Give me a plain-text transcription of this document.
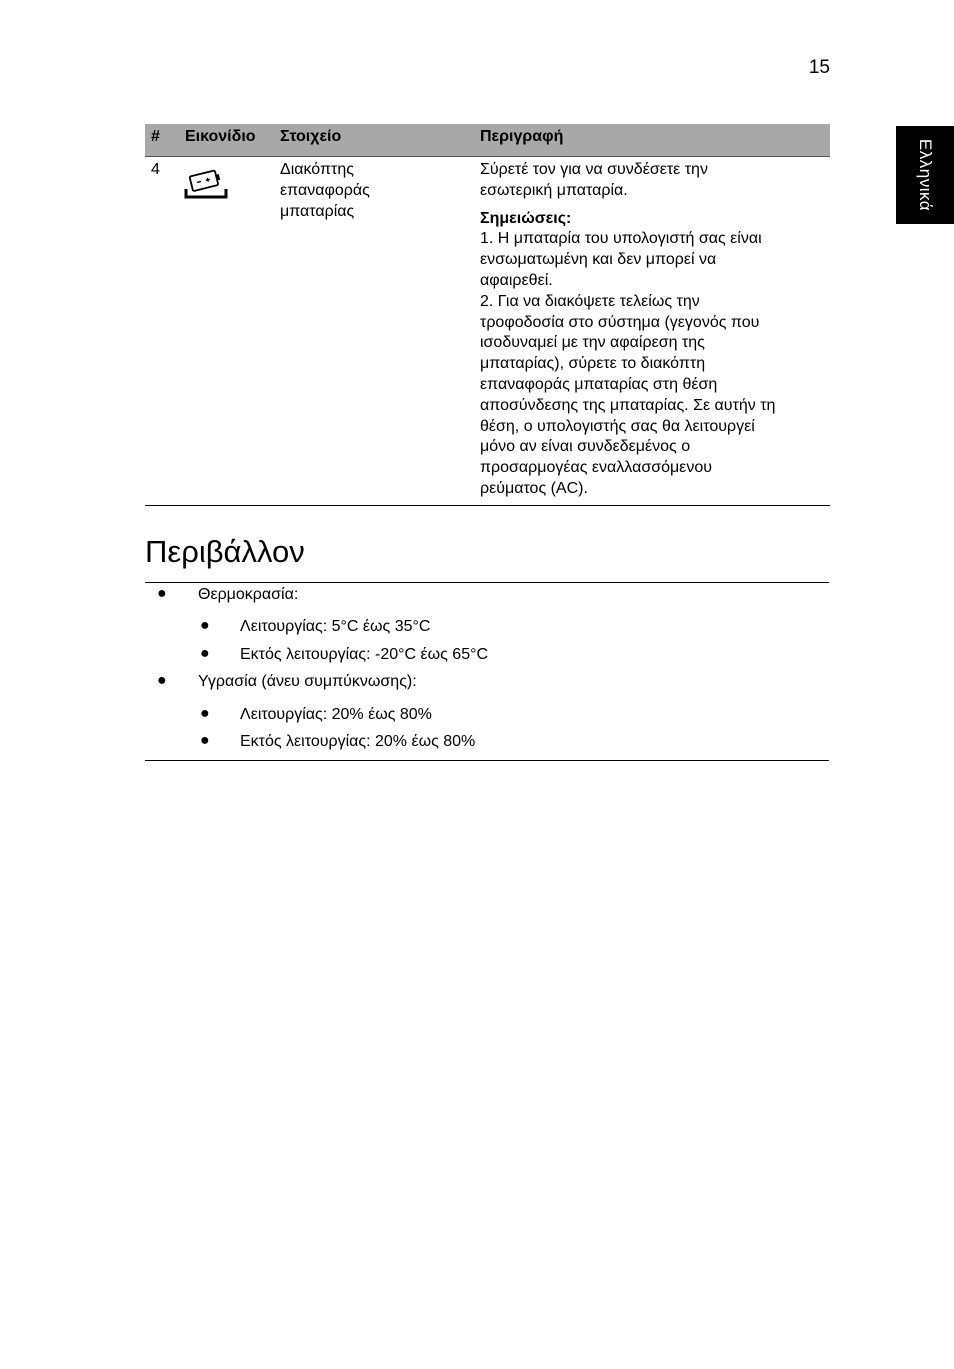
15
Ελληνικά
# Εικονίδιο Στοιχείο	Περιγραφή
4	Διακόπτης
επαναφοράς
μπαταρίας

Σύρετέ τον για να συνδέσετε την

εσωτερική μπαταρία.

Σημειώσεις:

1. Η μπαταρία του υπολογιστή σας είναι

ενσωματωμένη και δεν μπορεί να

αφαιρεθεί.

2. Για να διακόψετε τελείως την

τροφοδοσία στο σύστημα (γεγονός που

ισοδυναμεί με την αφαίρεση της

μπαταρίας), σύρετε το διακόπτη

επαναφοράς μπαταρίας στη θέση

αποσύνδεσης της μπαταρίας. Σε αυτήν τη

θέση, ο υπολογιστής σας θα λειτουργεί

μόνο αν είναι συνδεδεμένος ο

προσαρμογέας εναλλασσόμενου

ρεύματος (AC).

Περιβάλλον
● Θερμοκρασία:
● Λειτουργίας: 5°C έως 35°C
● Εκτός λειτουργίας: -20°C έως 65°C
● Υγρασία (άνευ συμπύκνωσης):
● Λειτουργίας: 20% έως 80%
● Εκτός λειτουργίας: 20% έως 80%
